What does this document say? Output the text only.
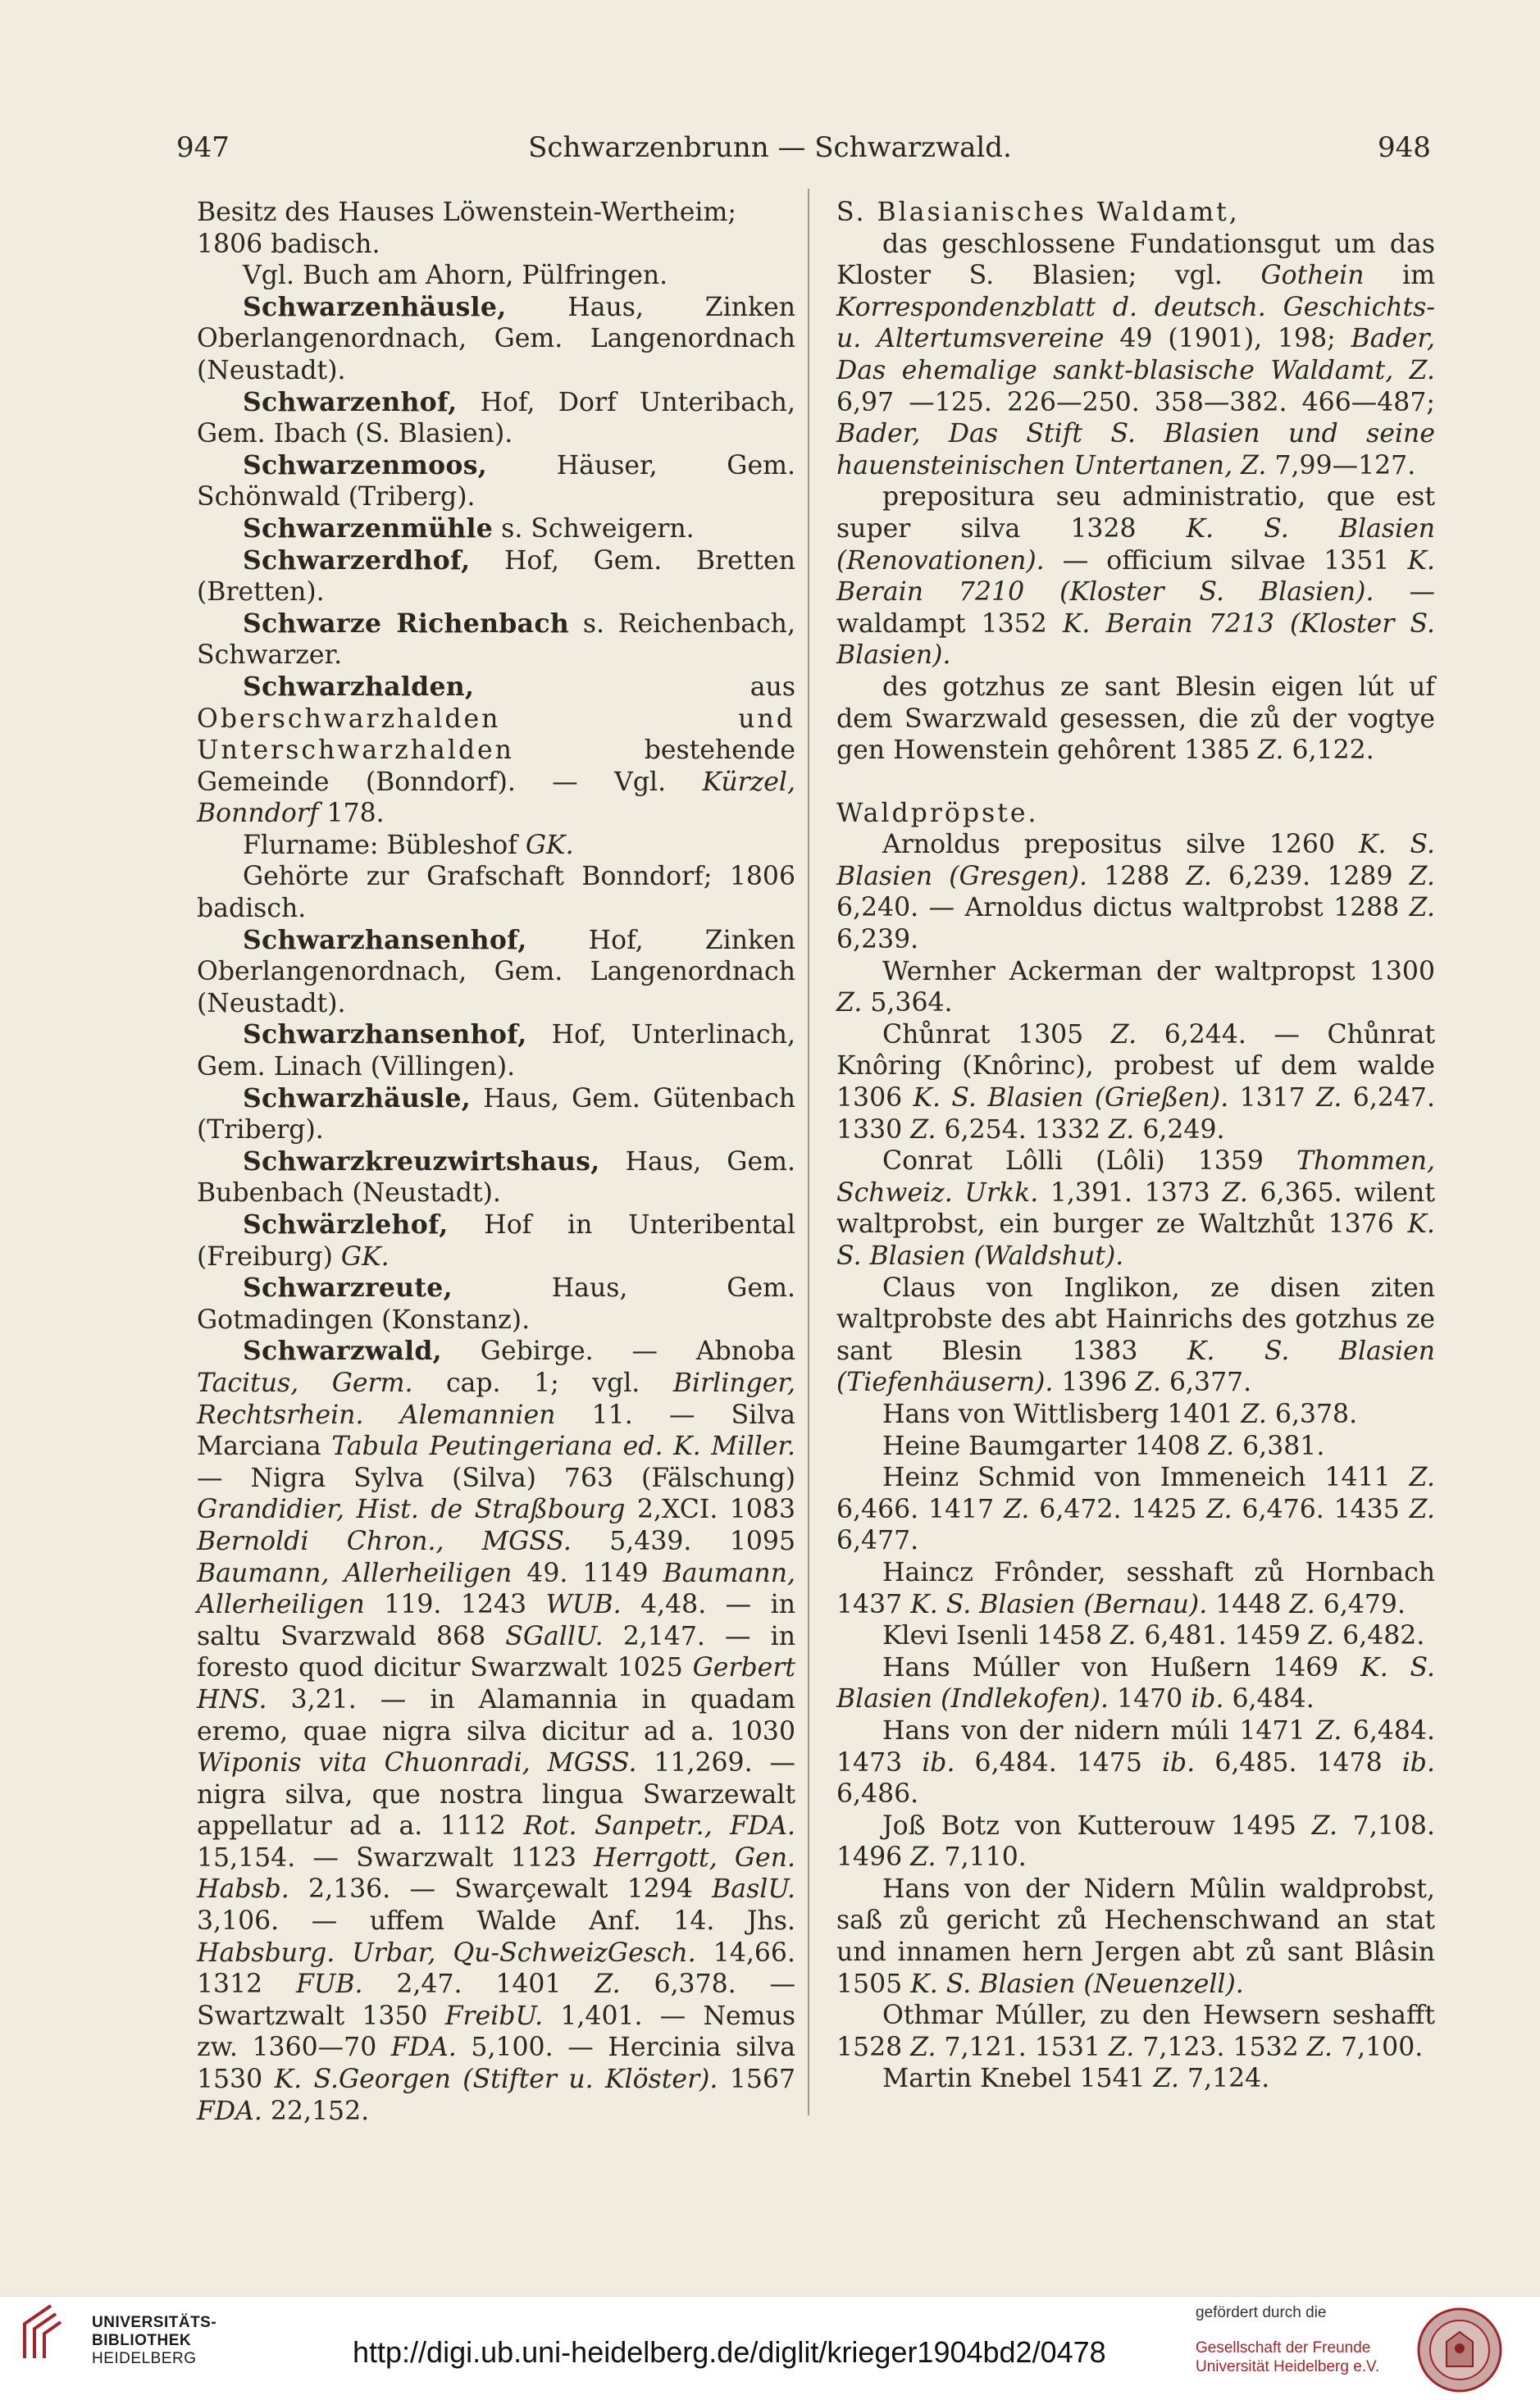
947	Schwarzenbrunn — Schwarzwald.	948
Besitz des Hauses Löwenstein-Wertheim; 1806 badisch.
Vgl. Buch am Ahorn, Pülfringen.
Schwarzenhäusle, Haus, Zinken Oberlangenordnach, Gem. Langenordnach (Neustadt).
Schwarzenhof, Hof, Dorf Unteribach, Gem. Ibach (S. Blasien).
Schwarzenmoos, Häuser, Gem. Schönwald (Triberg).
Schwarzenmühle s. Schweigern.
Schwarzerdhof, Hof, Gem. Bretten (Bretten).
Schwarze Richenbach s. Reichenbach, Schwarzer.
Schwarzhalden, aus Oberschwarzhalden und Unterschwarzhalden bestehende Gemeinde (Bonndorf). — Vgl. Kürzel, Bonndorf 178.
Flurname: Bübleshof GK.
Gehörte zur Grafschaft Bonndorf; 1806 badisch.
Schwarzhansenhof, Hof, Zinken Oberlangenordnach, Gem. Langenordnach (Neustadt).
Schwarzhansenhof, Hof, Unterlinach, Gem. Linach (Villingen).
Schwarzhäusle, Haus, Gem. Gütenbach (Triberg).
Schwarzkreuzwirtshaus, Haus, Gem. Bubenbach (Neustadt).
Schwärzlehof, Hof in Unteribental (Freiburg) GK.
Schwarzreute, Haus, Gem. Gotmadingen (Konstanz).
Schwarzwald, Gebirge. — Abnoba Tacitus, Germ. cap. 1; vgl. Birlinger, Rechtsrhein. Alemannien 11. — Silva Marciana Tabula Peutingeriana ed. K. Miller. — Nigra Sylva (Silva) 763 (Fälschung) Grandidier, Hist. de Straßbourg 2,XCI. 1083 Bernoldi Chron., MGSS. 5,439. 1095 Baumann, Allerheiligen 49. 1149 Baumann, Allerheiligen 119. 1243 WUB. 4,48. — in saltu Svarzwald 868 SGallU. 2,147. — in foresto quod dicitur Swarzwalt 1025 Gerbert HNS. 3,21. — in Alamannia in quadam eremo, quae nigra silva dicitur ad a. 1030 Wiponis vita Chuonradi, MGSS. 11,269. — nigra silva, que nostra lingua Swarzewalt appellatur ad a. 1112 Rot. Sanpetr., FDA. 15,154. — Swarzwalt 1123 Herrgott, Gen. Habsb. 2,136. — Swarçewalt 1294 BaslU. 3,106. — uffem Walde Anf. 14. Jhs. Habsburg. Urbar, Qu-SchweizGesch. 14,66. 1312 FUB. 2,47. 1401 Z. 6,378. — Swartzwalt 1350 FreibU. 1,401. — Nemus zw. 1360—70 FDA. 5,100. — Hercinia silva 1530 K. S.Georgen (Stifter u. Klöster). 1567 FDA. 22,152.
S. Blasianisches Waldamt,
das geschlossene Fundationsgut um das Kloster S. Blasien; vgl. Gothein im Korrespondenzblatt d. deutsch. Geschichts- u. Altertumsvereine 49 (1901), 198; Bader, Das ehemalige sankt-blasische Waldamt, Z. 6,97 —125. 226—250. 358—382. 466—487; Bader, Das Stift S. Blasien und seine hauensteinischen Untertanen, Z. 7,99—127.
prepositura seu administratio, que est super silva 1328 K. S. Blasien (Renovationen). — officium silvae 1351 K. Berain 7210 (Kloster S. Blasien). — waldampt 1352 K. Berain 7213 (Kloster S. Blasien).
des gotzhus ze sant Blesin eigen lút uf dem Swarzwald gesessen, die zů der vogtye gen Howenstein gehôrent 1385 Z. 6,122.
Waldpröpste.
Arnoldus prepositus silve 1260 K. S. Blasien (Gresgen). 1288 Z. 6,239. 1289 Z. 6,240. — Arnoldus dictus waltprobst 1288 Z. 6,239.
Wernher Ackerman der waltpropst 1300 Z. 5,364.
Chůnrat 1305 Z. 6,244. — Chůnrat Knôring (Knôrinc), probest uf dem walde 1306 K. S. Blasien (Grießen). 1317 Z. 6,247. 1330 Z. 6,254. 1332 Z. 6,249.
Conrat Lôlli (Lôli) 1359 Thommen, Schweiz. Urkk. 1,391. 1373 Z. 6,365. wilent waltprobst, ein burger ze Waltzhůt 1376 K. S. Blasien (Waldshut).
Claus von Inglikon, ze disen ziten waltprobste des abt Hainrichs des gotzhus ze sant Blesin 1383 K. S. Blasien (Tiefenhäusern). 1396 Z. 6,377.
Hans von Wittlisberg 1401 Z. 6,378.
Heine Baumgarter 1408 Z. 6,381.
Heinz Schmid von Immeneich 1411 Z. 6,466. 1417 Z. 6,472. 1425 Z. 6,476. 1435 Z. 6,477.
Haincz Frônder, sesshaft zů Hornbach 1437 K. S. Blasien (Bernau). 1448 Z. 6,479.
Klevi Isenli 1458 Z. 6,481. 1459 Z. 6,482.
Hans Múller von Hußern 1469 K. S. Blasien (Indlekofen). 1470 ib. 6,484.
Hans von der nidern múli 1471 Z. 6,484. 1473 ib. 6,484. 1475 ib. 6,485. 1478 ib. 6,486.
Joß Botz von Kutterouw 1495 Z. 7,108. 1496 Z. 7,110.
Hans von der Nidern Mûlin waldprobst, saß zů gericht zů Hechenschwand an stat und innamen hern Jergen abt zů sant Blâsin 1505 K. S. Blasien (Neuenzell).
Othmar Múller, zu den Hewsern seshafft 1528 Z. 7,121. 1531 Z. 7,123. 1532 Z. 7,100.
Martin Knebel 1541 Z. 7,124.
UNIVERSITÄTS-
BIBLIOTHEK
HEIDELBERG	http://digi.ub.uni-heidelberg.de/diglit/krieger1904bd2/0478
gefördert durch die
Gesellschaft der Freunde
Universität Heidelberg e.V.
